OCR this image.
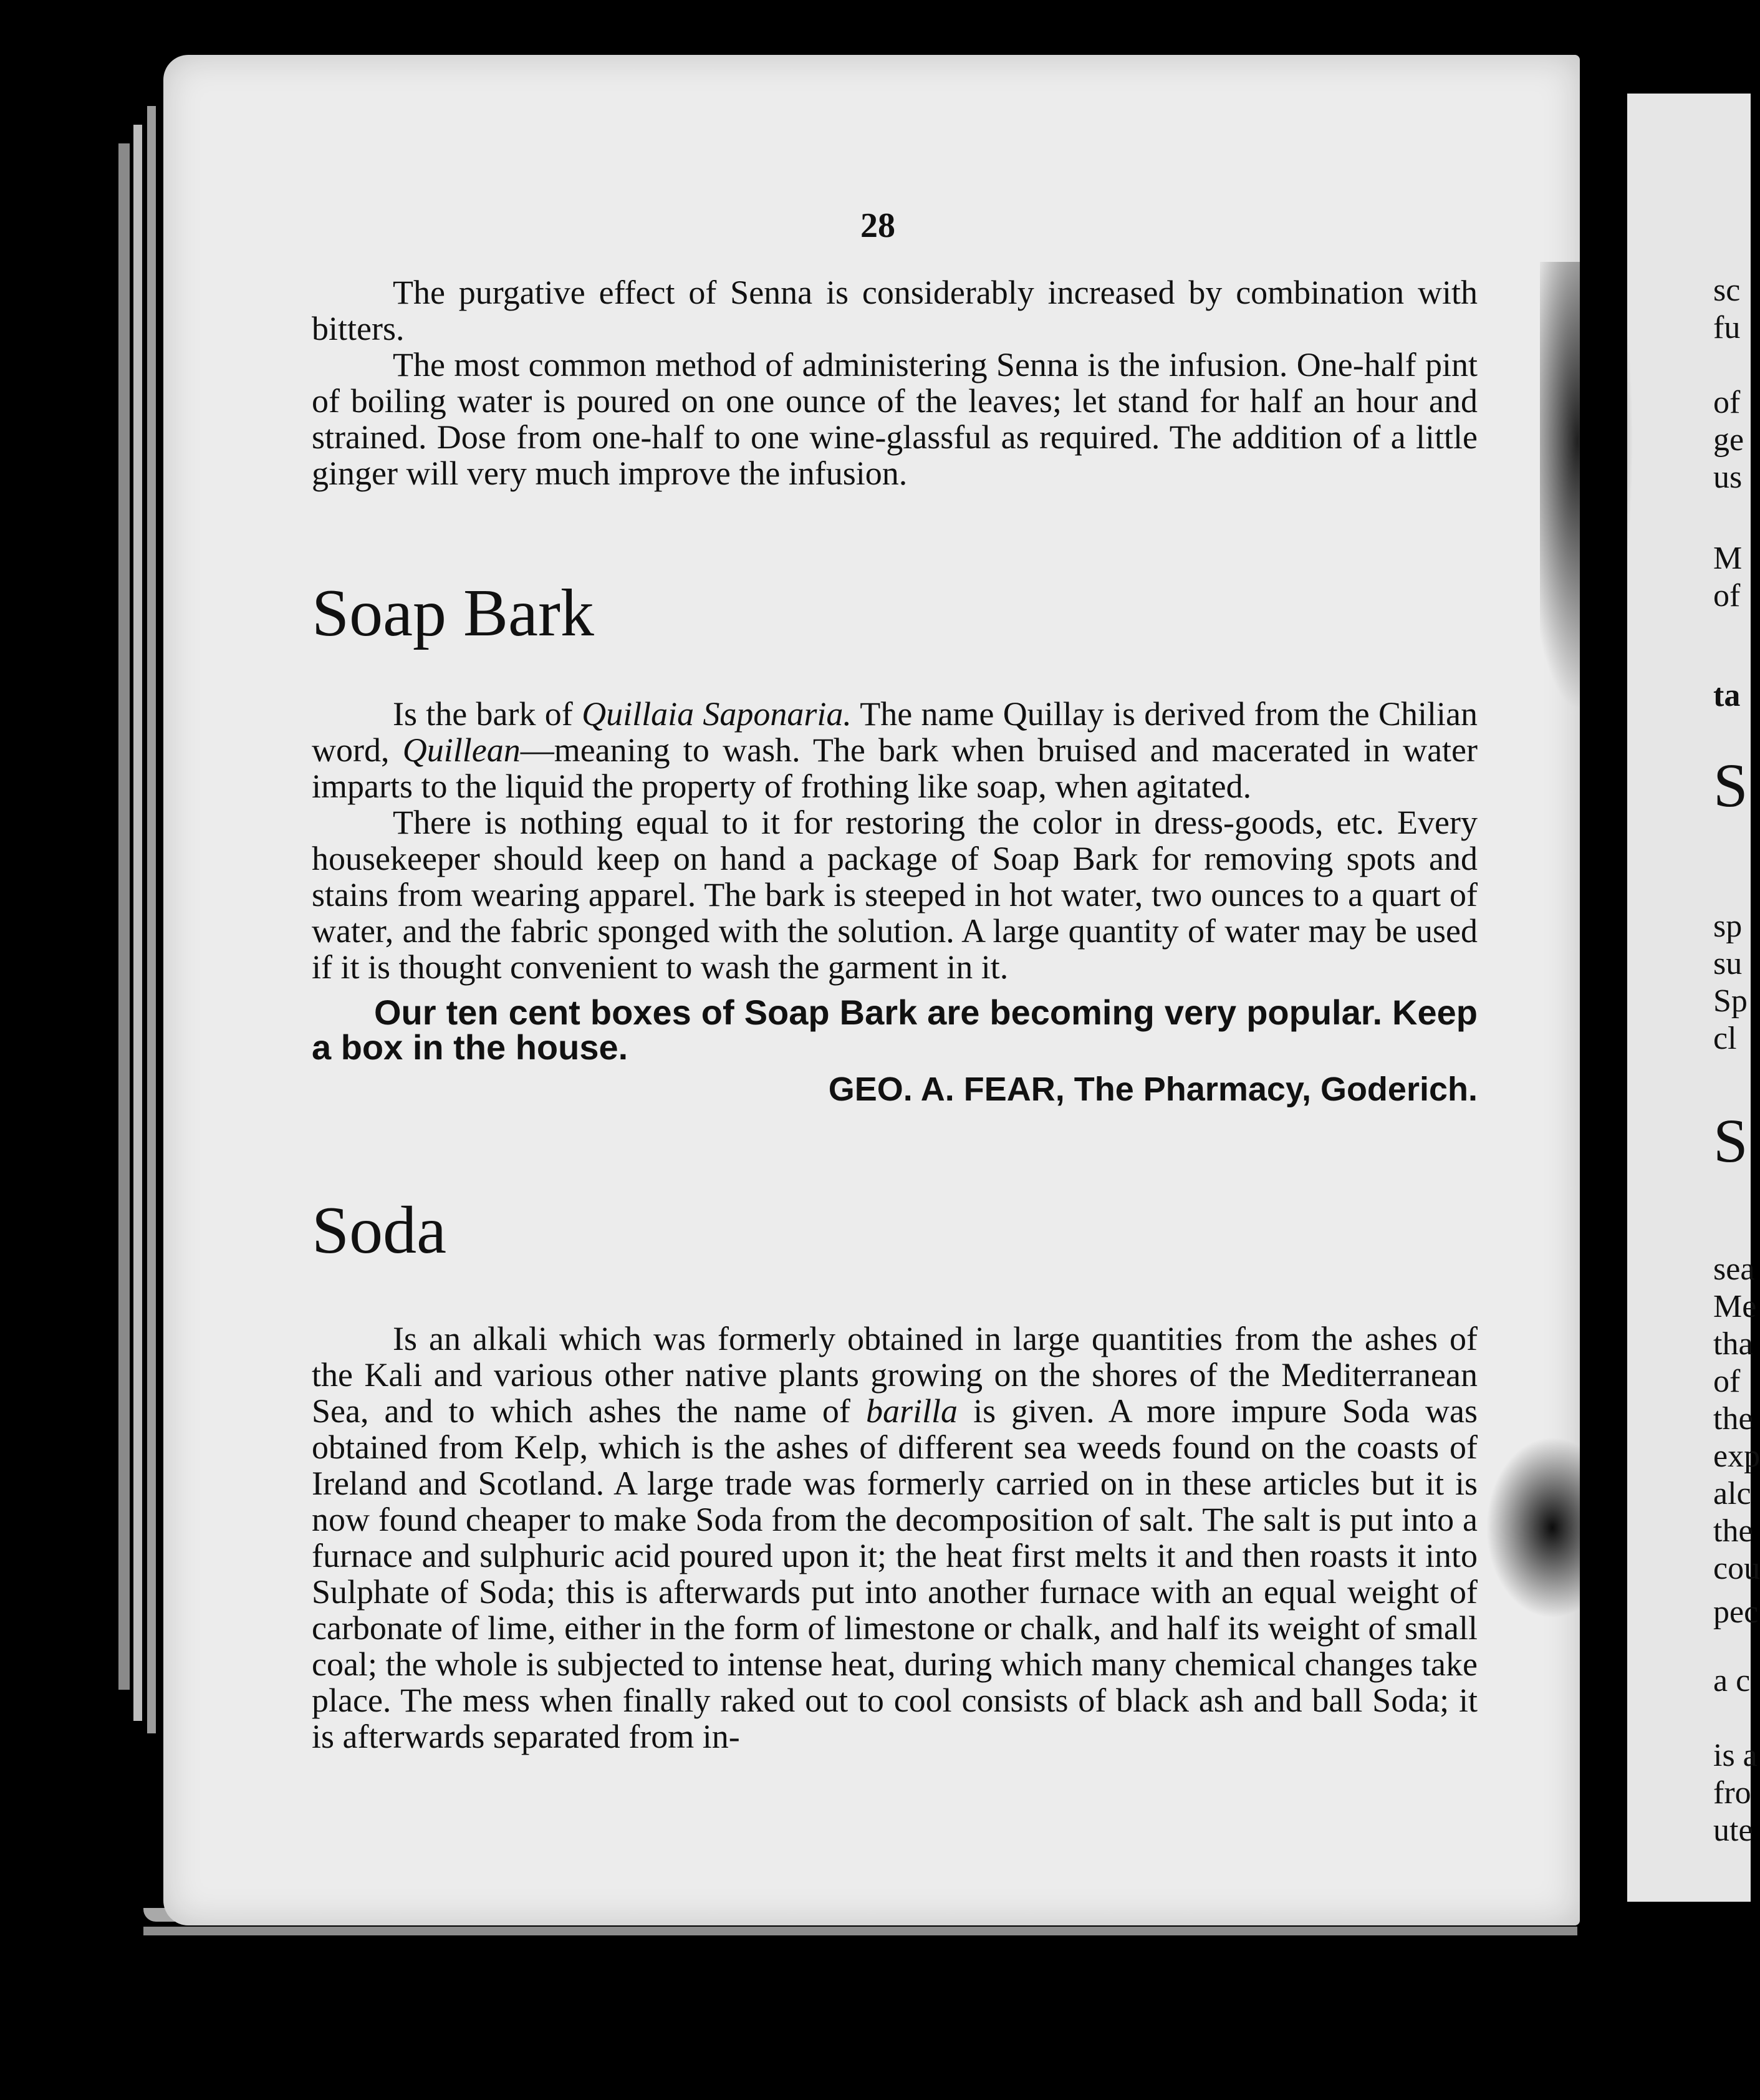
sc
fu
of
ge
us
M
of
ta
S
sp
su
Sp
cl
S
sea
Me
tha
of
the
exp
alc
the
cou
pec
a c
is a
fro
ute
28

The purgative effect of Senna is considerably increased by combination with bitters.

The most common method of administering Senna is the infusion. One-half pint of boiling water is poured on one ounce of the leaves; let stand for half an hour and strained. Dose from one-half to one wine-glassful as required. The addition of a little ginger will very much improve the infusion.

Soap Bark

Is the bark of Quillaia Saponaria. The name Quillay is derived from the Chilian word, Quillean—meaning to wash. The bark when bruised and macerated in water imparts to the liquid the property of frothing like soap, when agitated.

There is nothing equal to it for restoring the color in dress-goods, etc. Every housekeeper should keep on hand a package of Soap Bark for removing spots and stains from wearing apparel. The bark is steeped in hot water, two ounces to a quart of water, and the fabric sponged with the solution. A large quantity of water may be used if it is thought convenient to wash the garment in it.

Our ten cent boxes of Soap Bark are becoming very popular. Keep a box in the house.

GEO. A. FEAR, The Pharmacy, Goderich.

Soda

Is an alkali which was formerly obtained in large quantities from the ashes of the Kali and various other native plants growing on the shores of the Mediterranean Sea, and to which ashes the name of barilla is given. A more impure Soda was obtained from Kelp, which is the ashes of different sea weeds found on the coasts of Ireland and Scotland. A large trade was formerly carried on in these articles but it is now found cheaper to make Soda from the decomposition of salt. The salt is put into a furnace and sulphuric acid poured upon it; the heat first melts it and then roasts it into Sulphate of Soda; this is afterwards put into another furnace with an equal weight of carbonate of lime, either in the form of limestone or chalk, and half its weight of small coal; the whole is subjected to intense heat, during which many chemical changes take place. The mess when finally raked out to cool consists of black ash and ball Soda; it is afterwards separated from in-
